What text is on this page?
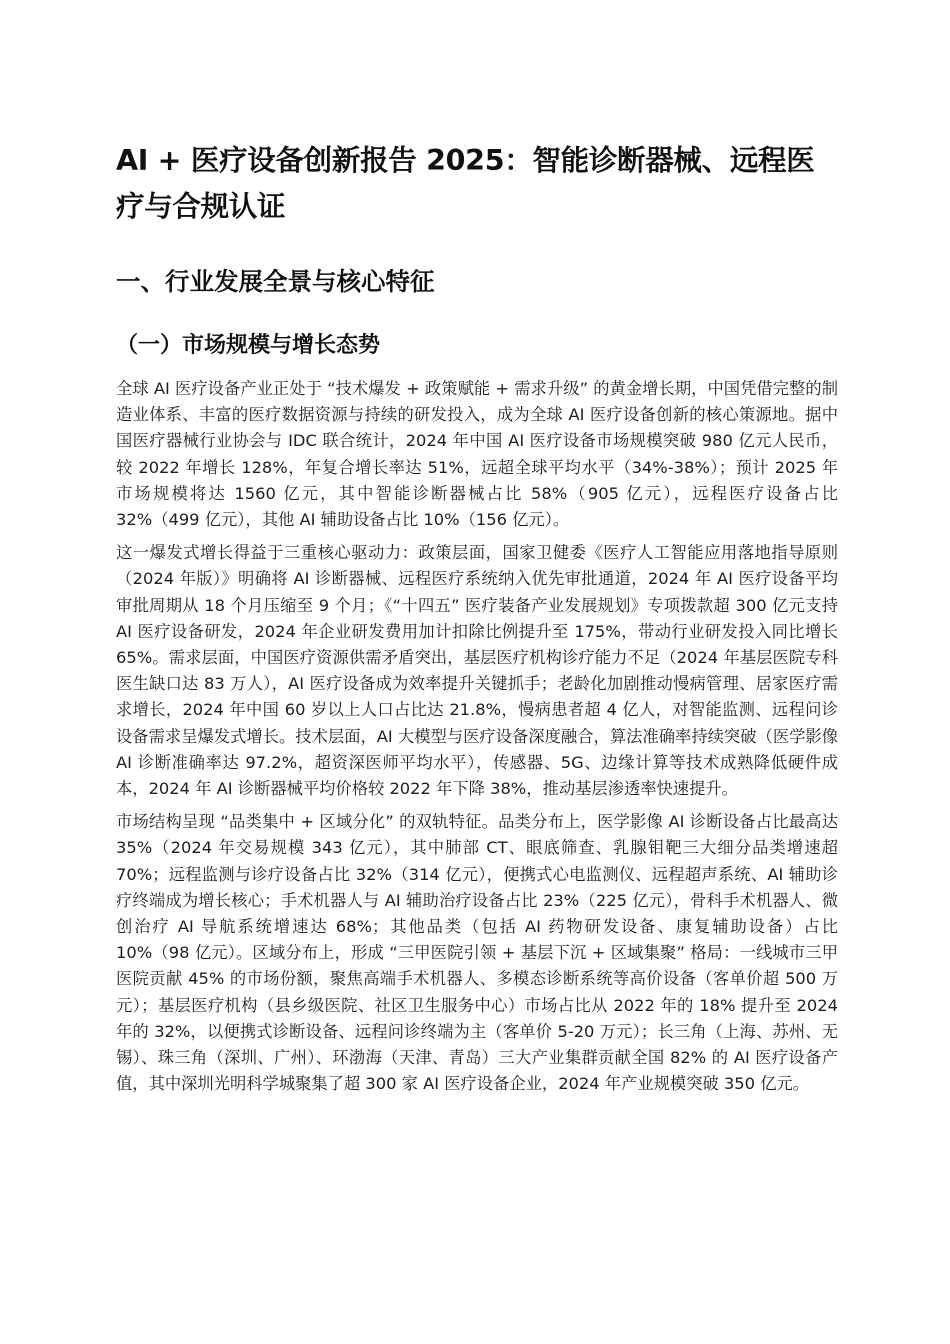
AI + 医疗设备创新报告 2025：智能诊断器械、远程医疗与合规认证
一、行业发展全景与核心特征
（一）市场规模与增长态势

全球 AI 医疗设备产业正处于 “技术爆发 + 政策赋能 + 需求升级” 的黄金增长期，中国凭借完整的制造业体系、丰富的医疗数据资源与持续的研发投入，成为全球 AI 医疗设备创新的核心策源地。据中国医疗器械行业协会与 IDC 联合统计，2024 年中国 AI 医疗设备市场规模突破 980 亿元人民币，较 2022 年增长 128%，年复合增长率达 51%，远超全球平均水平（34%-38%）；预计 2025 年市场规模将达 1560 亿元，其中智能诊断器械占比 58%（905 亿元），远程医疗设备占比 32%（499 亿元），其他 AI 辅助设备占比 10%（156 亿元）。

这一爆发式增长得益于三重核心驱动力：政策层面，国家卫健委《医疗人工智能应用落地指导原则（2024 年版）》明确将 AI 诊断器械、远程医疗系统纳入优先审批通道，2024 年 AI 医疗设备平均审批周期从 18 个月压缩至 9 个月；《“十四五” 医疗装备产业发展规划》专项拨款超 300 亿元支持 AI 医疗设备研发，2024 年企业研发费用加计扣除比例提升至 175%，带动行业研发投入同比增长 65%。需求层面，中国医疗资源供需矛盾突出，基层医疗机构诊疗能力不足（2024 年基层医院专科医生缺口达 83 万人），AI 医疗设备成为效率提升关键抓手；老龄化加剧推动慢病管理、居家医疗需求增长，2024 年中国 60 岁以上人口占比达 21.8%，慢病患者超 4 亿人，对智能监测、远程问诊设备需求呈爆发式增长。技术层面，AI 大模型与医疗设备深度融合，算法准确率持续突破（医学影像 AI 诊断准确率达 97.2%，超资深医师平均水平），传感器、5G、边缘计算等技术成熟降低硬件成本，2024 年 AI 诊断器械平均价格较 2022 年下降 38%，推动基层渗透率快速提升。

市场结构呈现 “品类集中 + 区域分化” 的双轨特征。品类分布上，医学影像 AI 诊断设备占比最高达 35%（2024 年交易规模 343 亿元），其中肺部 CT、眼底筛查、乳腺钼靶三大细分品类增速超 70%；远程监测与诊疗设备占比 32%（314 亿元），便携式心电监测仪、远程超声系统、AI 辅助诊疗终端成为增长核心；手术机器人与 AI 辅助治疗设备占比 23%（225 亿元），骨科手术机器人、微创治疗 AI 导航系统增速达 68%；其他品类（包括 AI 药物研发设备、康复辅助设备）占比 10%（98 亿元）。区域分布上，形成 “三甲医院引领 + 基层下沉 + 区域集聚” 格局：一线城市三甲医院贡献 45% 的市场份额，聚焦高端手术机器人、多模态诊断系统等高价设备（客单价超 500 万元）；基层医疗机构（县乡级医院、社区卫生服务中心）市场占比从 2022 年的 18% 提升至 2024 年的 32%，以便携式诊断设备、远程问诊终端为主（客单价 5-20 万元）；长三角（上海、苏州、无锡）、珠三角（深圳、广州）、环渤海（天津、青岛）三大产业集群贡献全国 82% 的 AI 医疗设备产值，其中深圳光明科学城聚集了超 300 家 AI 医疗设备企业，2024 年产业规模突破 350 亿元。
